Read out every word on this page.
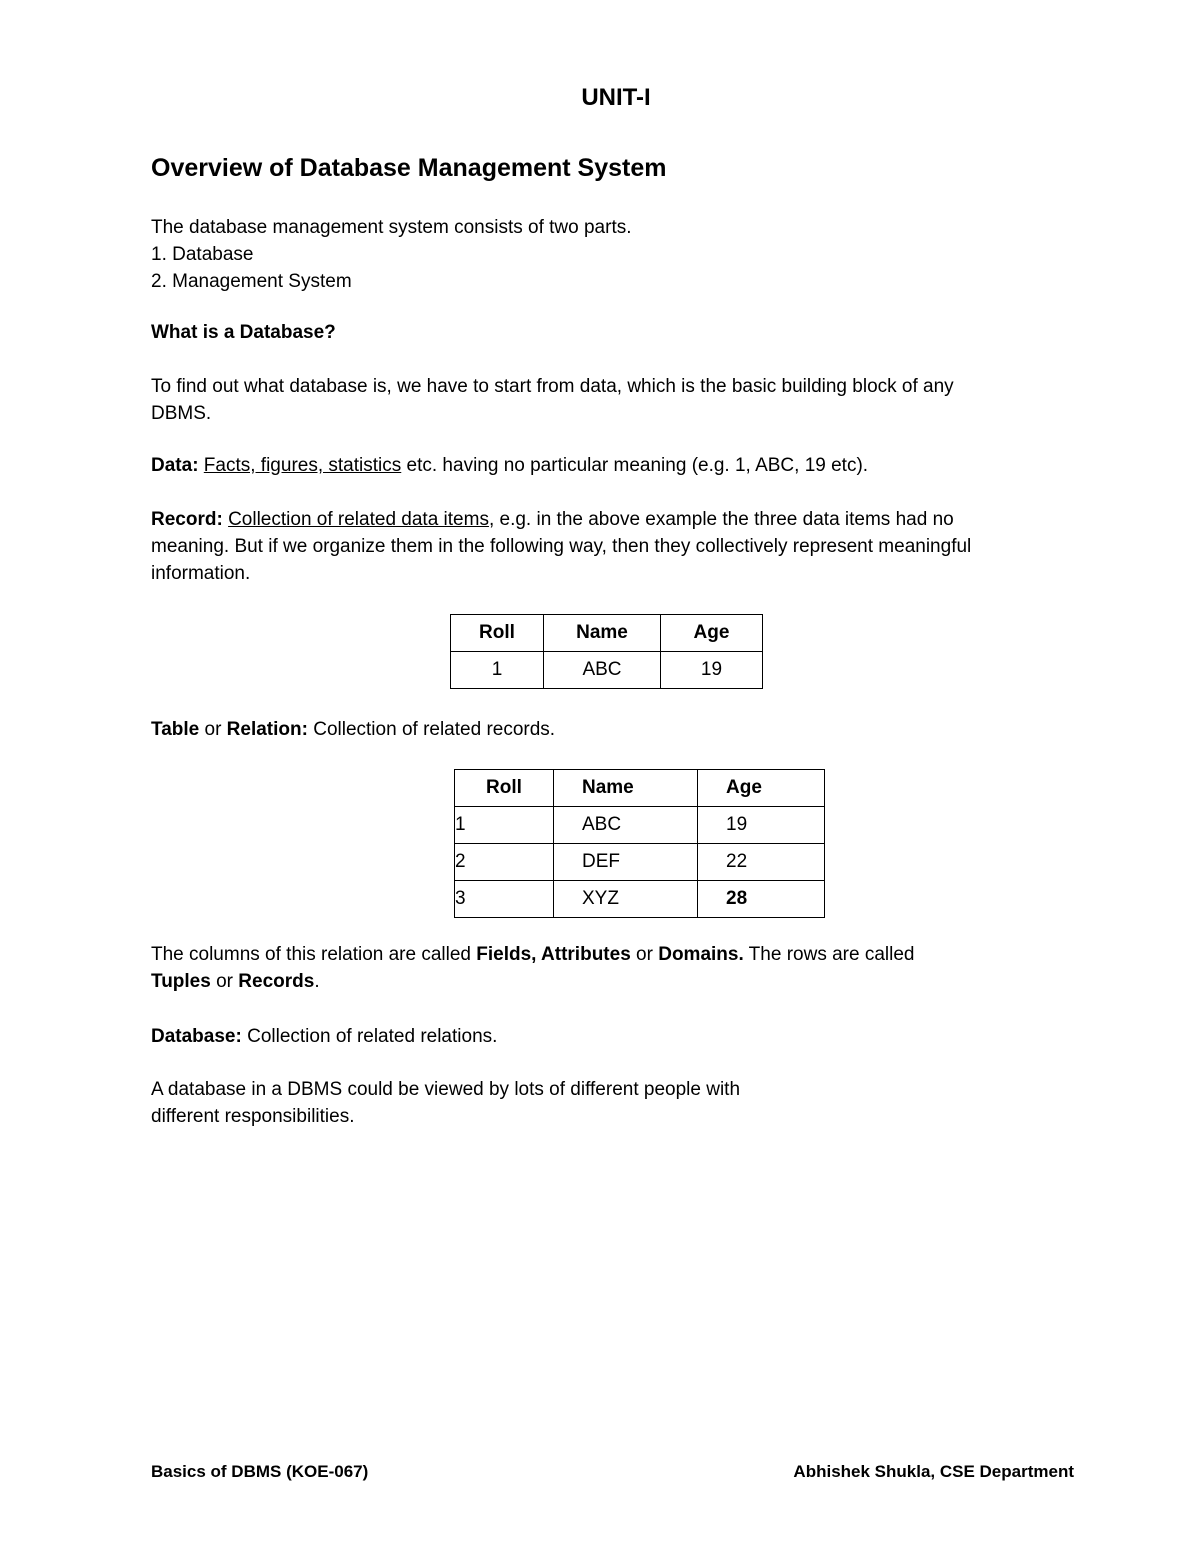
UNIT-I
Overview of Database Management System
The database management system consists of two parts.
1. Database
2. Management System
What is a Database?
To find out what database is, we have to start from data, which is the basic building block of any
DBMS.
Data: Facts, figures, statistics etc. having no particular meaning (e.g. 1, ABC, 19 etc).
Record: Collection of related data items, e.g. in the above example the three data items had no
meaning. But if we organize them in the following way, then they collectively represent meaningful
information.
Table or Relation: Collection of related records.
The columns of this relation are called Fields, Attributes or Domains. The rows are called
Tuples or Records.
Database: Collection of related relations.
A database in a DBMS could be viewed by lots of different people with
different responsibilities.
Roll	Name	Age
1	ABC	19
Roll	Name	Age
1	ABC	19
2	DEF	22
3	XYZ	28
Basics of DBMS (KOE-067)	Abhishek Shukla, CSE Department
